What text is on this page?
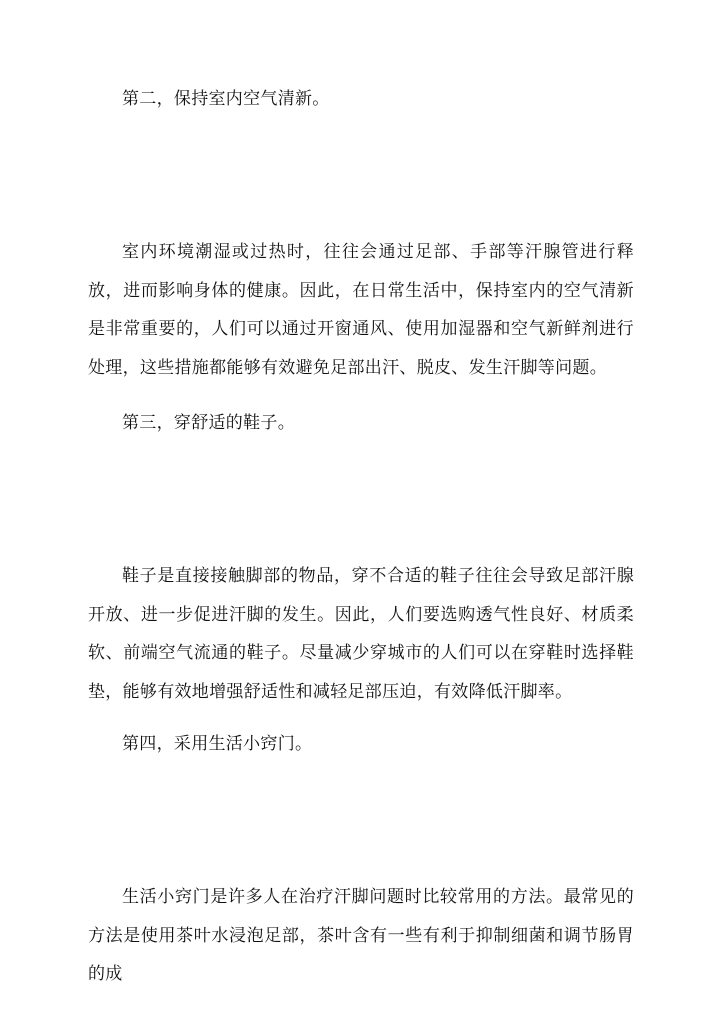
第二，保持室内空气清新。

室内环境潮湿或过热时，往往会通过足部、手部等汗腺管进行释放，进而影响身体的健康。因此，在日常生活中，保持室内的空气清新是非常重要的，人们可以通过开窗通风、使用加湿器和空气新鲜剂进行处理，这些措施都能够有效避免足部出汗、脱皮、发生汗脚等问题。

第三，穿舒适的鞋子。

鞋子是直接接触脚部的物品，穿不合适的鞋子往往会导致足部汗腺开放、进一步促进汗脚的发生。因此，人们要选购透气性良好、材质柔软、前端空气流通的鞋子。尽量减少穿城市的人们可以在穿鞋时选择鞋垫，能够有效地增强舒适性和减轻足部压迫，有效降低汗脚率。

第四，采用生活小窍门。

生活小窍门是许多人在治疗汗脚问题时比较常用的方法。最常见的方法是使用茶叶水浸泡足部，茶叶含有一些有利于抑制细菌和调节肠胃的成
